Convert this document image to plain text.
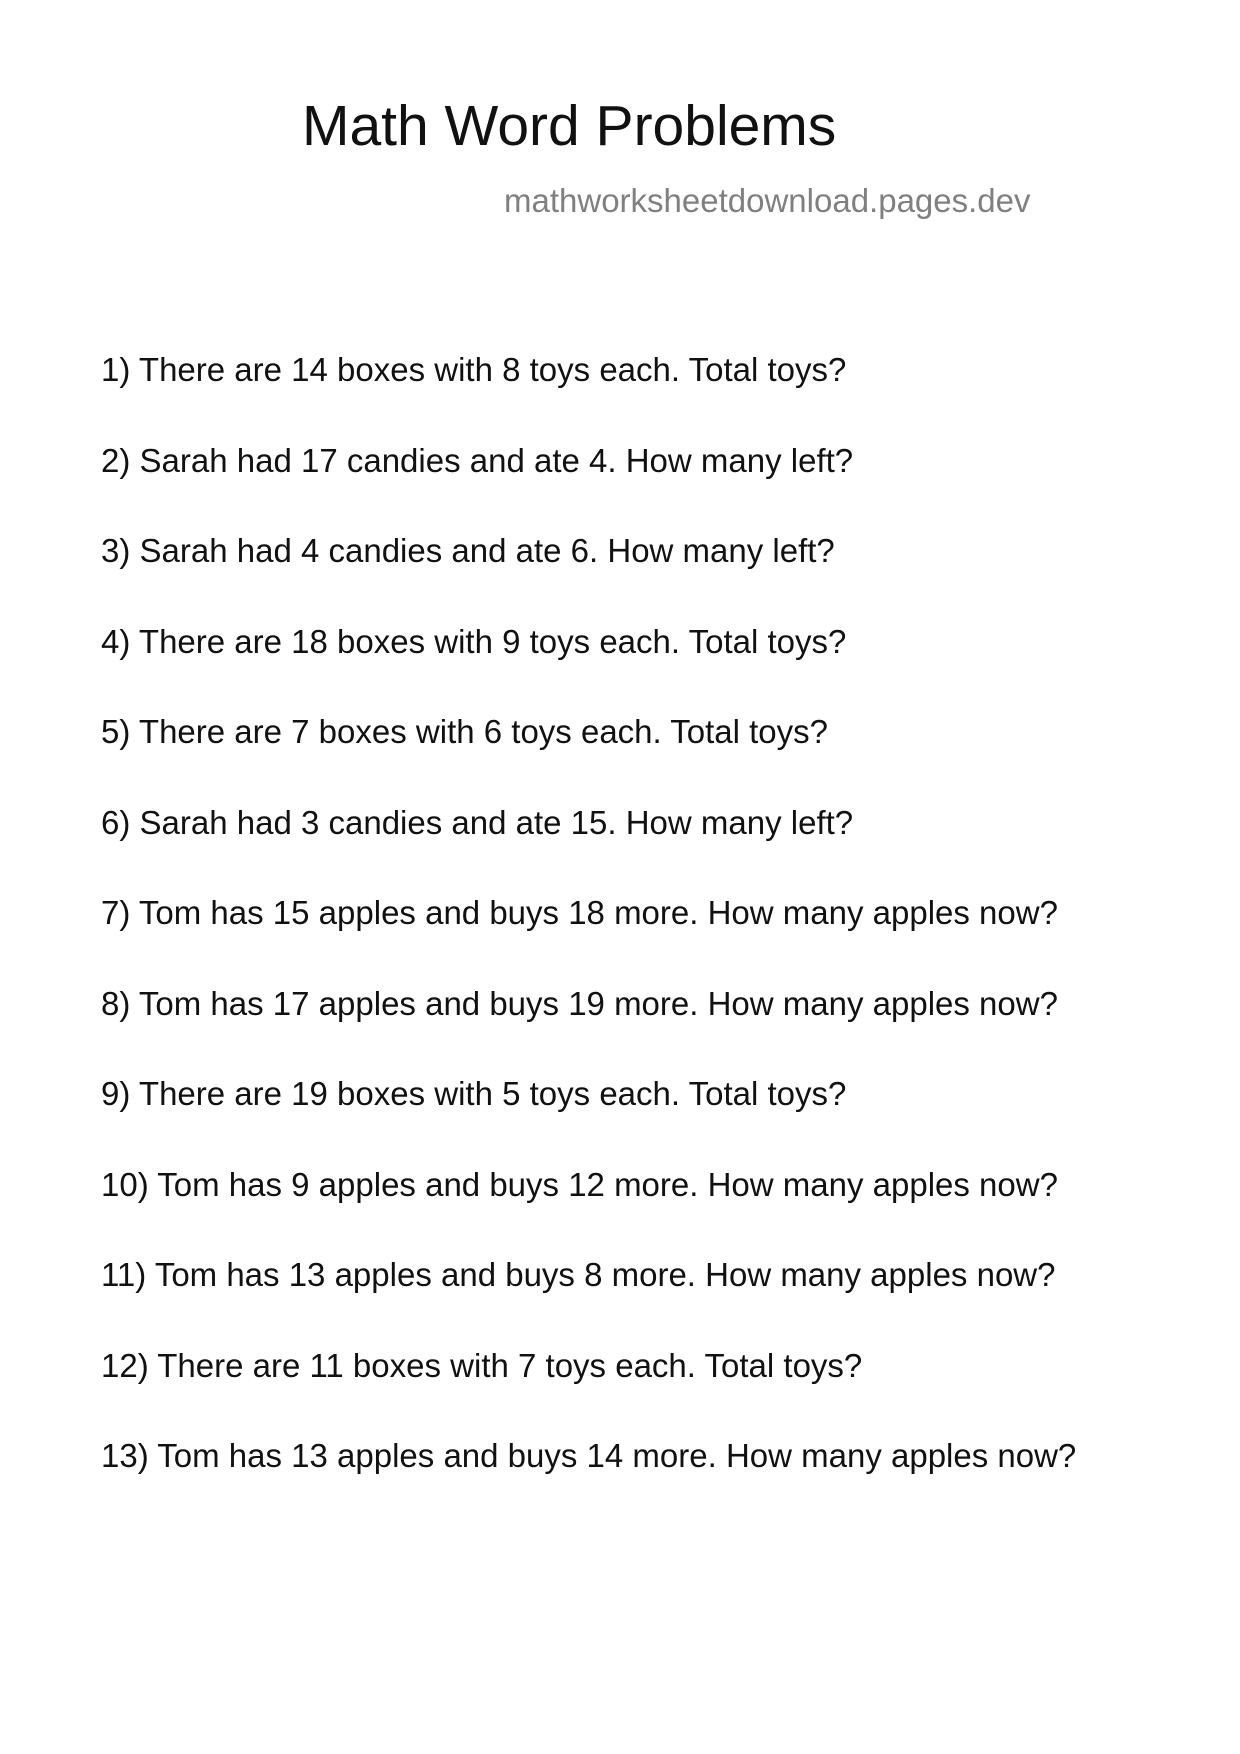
Math Word Problems
mathworksheetdownload.pages.dev
1) There are 14 boxes with 8 toys each. Total toys?
2) Sarah had 17 candies and ate 4. How many left?
3) Sarah had 4 candies and ate 6. How many left?
4) There are 18 boxes with 9 toys each. Total toys?
5) There are 7 boxes with 6 toys each. Total toys?
6) Sarah had 3 candies and ate 15. How many left?
7) Tom has 15 apples and buys 18 more. How many apples now?
8) Tom has 17 apples and buys 19 more. How many apples now?
9) There are 19 boxes with 5 toys each. Total toys?
10) Tom has 9 apples and buys 12 more. How many apples now?
11) Tom has 13 apples and buys 8 more. How many apples now?
12) There are 11 boxes with 7 toys each. Total toys?
13) Tom has 13 apples and buys 14 more. How many apples now?
